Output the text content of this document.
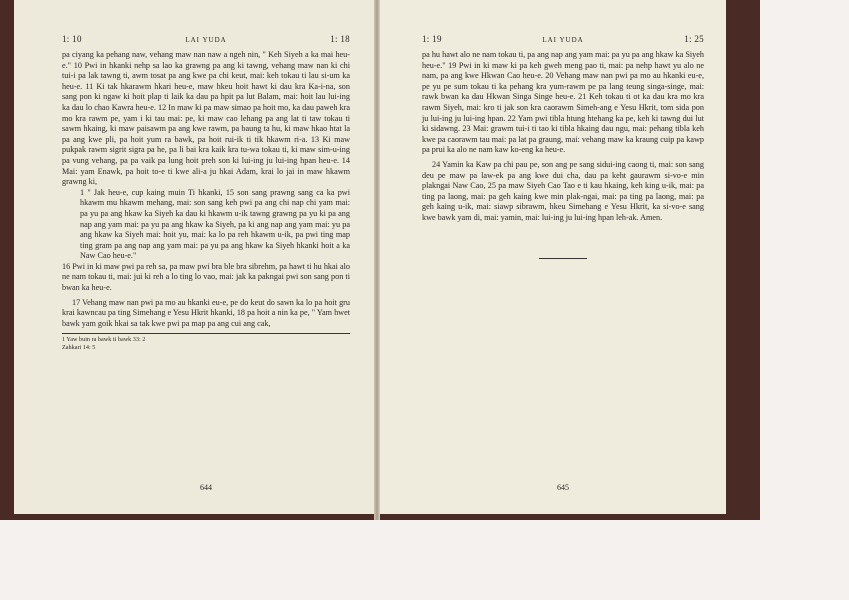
1: 10	LAI YUDA	1: 18

pa ciyang ka pehang naw, vehang maw nan naw a ngeh nin, " Keh Siyeh a ka mai heu-e." 10 Pwi in hkanki nehp sa lao ka grawng pa ang ki tawng, vehang maw nan ki chi tui-i pa lak tawng ti, awm tosat pa ang kwe pa chi keut, mai: keh tokau ti lau si-um ka heu-e. 11 Ki tak hkarawm hkari heu-e, maw hkeu hoit hawt ki dau kra Ka-i-na, son sang pon ki ngaw ki hoit plap ti laik ka dau pa hpit pa lut Balam, mai: hoit lau lui-ing ka dau lo chao Kawra heu-e. 12 In maw ki pa maw simao pa hoit mo, ka dau paweh kra mo kra rawm pe, yam i ki tau mai: pe, ki maw cao lehang pa ang lat ti taw tokau ti sawm hkaing, ki maw paisawm pa ang kwe rawm, pa baung ta hu, ki maw hkao htat la pa ang kwe pli, pa hoit yum ra bawk, pa hoit rui-ik ti tik hkawm ri-a. 13 Ki maw pukpak rawm sigrit sigra pa he, pa li bai kra kaik kra tu-wa tokau ti, ki maw sim-u-ing pa vung vehang, pa pa vaik pa lung hoit preh son ki lui-ing ju lui-ing hpan heu-e. 14 Mai: yam Enawk, pa hoit to-e ti kwe ali-a ju hkai Adam, krai lo jai in maw hkawm grawng ki,

1 " Jak heu-e, cup kaing muin Ti hkanki, 15 son sang prawng sang ca ka pwi hkawm mu hkawm mehang, mai: son sang keh pwi pa ang chi nap chi yam mai: pa yu pa ang hkaw ka Siyeh ka dau ki hkawm u-ik tawng grawng pa yu ki pa ang nap ang yam mai: pa yu pa ang hkaw ka Siyeh, pa ki ang nap ang yam mai: yu pa ang hkaw ka Siyeh mai: hoit yu, mai: ka lo pa reh hkawm u-ik, pa pwi ting map ting gram pa ang nap ang yam mai: pa yu pa ang hkaw ka Siyeh hkanki hoit a ka Naw Cao heu-e."

16 Pwi in ki maw pwi pa reh sa, pa maw pwi bra ble bra sibrehm, pa hawt ti hu hkai alo ne nam tokau ti, mai: jui ki reh a lo ting lo vao, mai: jak ka pakngai pwi son sang pon ti bwan ka heu-e.

17 Vehang maw nan pwi pa mo au hkanki eu-e, pe do keut do sawn ka lo pa hoit gru krai kawncau pa ting Simehang e Yesu Hkrit hkanki, 18 pa hoit a nin ka pe, " Yam hwet bawk yam goik hkai sa tak kwe pwi pa map pa ang cui ang cak,

1 Yaw buin ra bawk ti bawk 33: 2
Zahkari 14: 5
644
1: 19	LAI YUDA	1: 25

pa hu hawt alo ne nam tokau ti, pa ang nap ang yam mai: pa yu pa ang hkaw ka Siyeh heu-e." 19 Pwi in ki maw ki pa keh gweh meng pao ti, mai: pa nehp hawt yu alo ne nam, pa ang kwe Hkwan Cao heu-e. 20 Vehang maw nan pwi pa mo au hkanki eu-e, pe yu pe sum tokau ti ka pehang kra yum-rawm pe pa lang teung singa-singe, mai: rawk bwan ka dau Hkwan Singa Singe heu-e. 21 Keh tokau ti ot ka dau kra mo kra rawm Siyeh, mai: kro ti jak son kra caorawm Simeh-ang e Yesu Hkrit, tom sida pon ju lui-ing ju lui-ing hpan. 22 Yam pwi tibla htung htehang ka pe, keh ki tawng dui lut ki sidawng. 23 Mai: grawm tui-i ti tao ki tibla hkaing dau ngu, mai: pehang tibla keh kwe pa caorawm tau mai: pa lat pa graung, mai: vehang maw ka kraung cuip pa kawp pa prui ka alo ne nam kaw ko-eng ka heu-e.

24 Yamin ka Kaw pa chi pau pe, son ang pe sang sidui-ing caong ti, mai: son sang deu pe maw pa law-ek pa ang kwe dui cha, dau pa keht gaurawm si-vo-e min plakngai Naw Cao, 25 pa maw Siyeh Cao Tao e ti kau hkaing, keh king u-ik, mai: pa ting pa laong, mai: pa geh kaing kwe min plak-ngai, mai: pa ting pa laong, mai: pa geh kaing u-ik, mai: siawp sibrawm, hkeu Simehang e Yesu Hkrit, ka si-vo-e sang kwe bawk yam di, mai: yamin, mai: lui-ing ju lui-ing hpan leh-ak. Amen.

645
